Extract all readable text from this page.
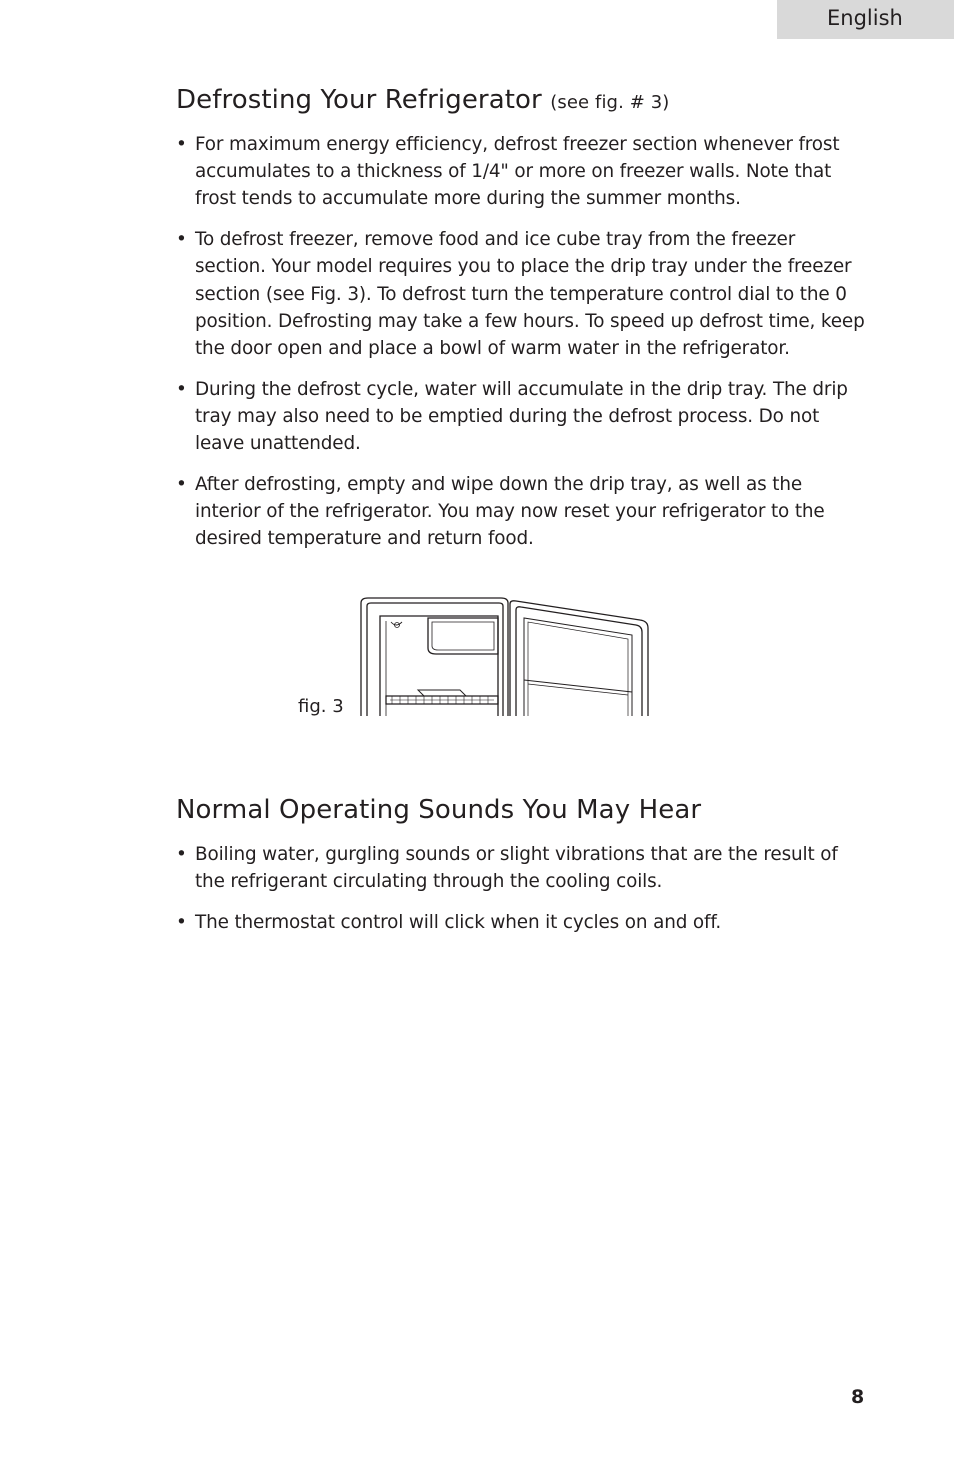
English
Defrosting Your Refrigerator (see fig. # 3)
• For maximum energy efficiency, defrost freezer section whenever frost accumulates to a thickness of 1/4" or more on freezer walls. Note that frost tends to accumulate more during the summer months.
• To defrost freezer, remove food and ice cube tray from the freezer section. Your model requires you to place the drip tray under the freezer section (see Fig. 3). To defrost turn the temperature control dial to the 0 position. Defrosting may take a few hours. To speed up defrost time, keep the door open and place a bowl of warm water in the refrigerator.
• During the defrost cycle, water will accumulate in the drip tray. The drip tray may also need to be emptied during the defrost process. Do not leave unattended.
• After defrosting, empty and wipe down the drip tray, as well as the interior of the refrigerator. You may now reset your refrigerator to the desired temperature and return food.
fig. 3
Normal Operating Sounds You May Hear
• Boiling water, gurgling sounds or slight vibrations that are the result of the refrigerant circulating through the cooling coils.
• The thermostat control will click when it cycles on and off.
8
